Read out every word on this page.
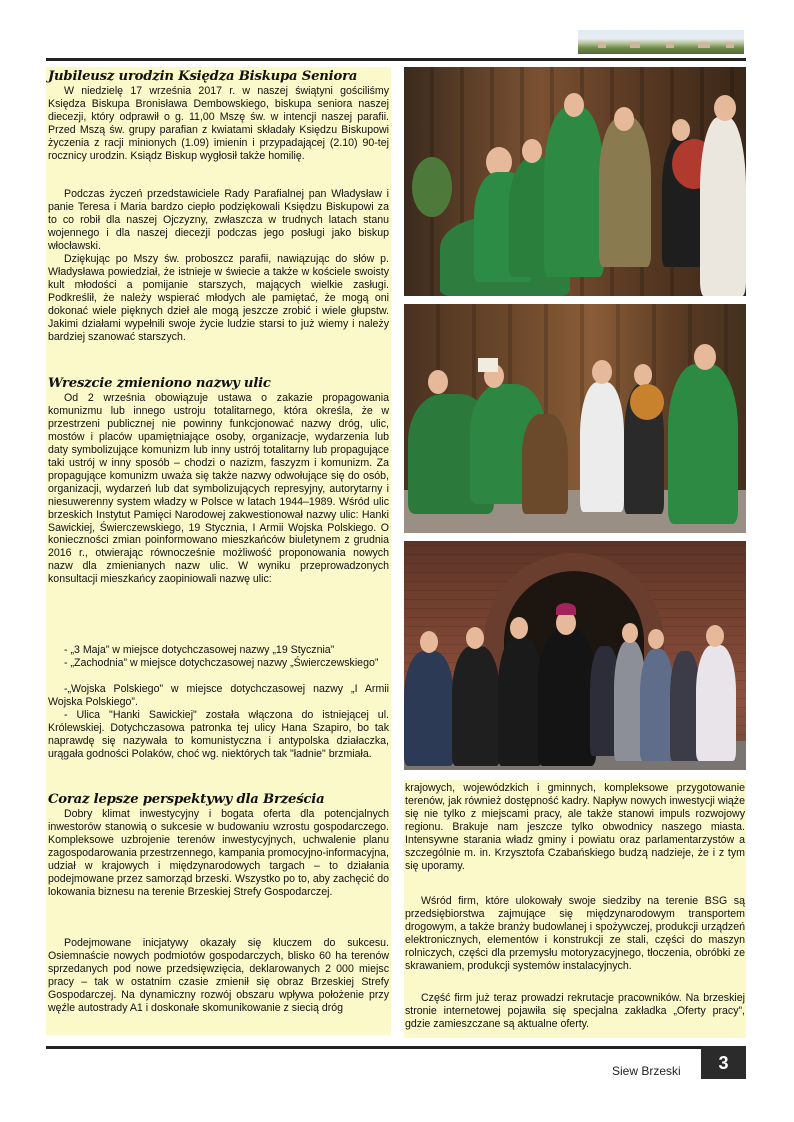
Jubileusz urodzin Księdza Biskupa Seniora
W niedzielę 17 września 2017 r. w naszej świątyni gościliśmy Księdza Biskupa Bronisława Dembowskiego, biskupa seniora naszej diecezji, który odprawił o g. 11,00 Mszę św. w intencji naszej parafii. Przed Mszą św. grupy parafian z kwiatami składały Księdzu Biskupowi życzenia z racji minionych (1.09) imienin i przypadającej (2.10) 90-tej rocznicy urodzin. Ksiądz Biskup wygłosił także homilię.
Podczas życzeń przedstawiciele Rady Parafialnej pan Władysław i panie Teresa i Maria bardzo ciepło podziękowali Księdzu Biskupowi za to co robił dla naszej Ojczyzny, zwłaszcza w trudnych latach stanu wojennego i dla naszej diecezji podczas jego posługi jako biskup włocławski.
Dziękując po Mszy św. proboszcz parafii, nawiązując do słów p. Władysława powiedział, że istnieje w świecie a także w kościele swoisty kult młodości a pomijanie starszych, mających wielkie zasługi. Podkreślił, że należy wspierać młodych ale pamiętać, że mogą oni dokonać wiele pięknych dzieł ale mogą jeszcze zrobić i wiele głupstw. Jakimi działami wypełnili swoje życie ludzie starsi to już wiemy i należy bardziej szanować starszych.
Wreszcie zmieniono nazwy ulic
Od 2 września obowiązuje ustawa o zakazie propagowania komunizmu lub innego ustroju totalitarnego, która określa, że w przestrzeni publicznej nie powinny funkcjonować nazwy dróg, ulic, mostów i placów upamiętniające osoby, organizacje, wydarzenia lub daty symbolizujące komunizm lub inny ustrój totalitarny lub propagujące taki ustrój w inny sposób – chodzi o nazizm, faszyzm i komunizm. Za propagujące komunizm uważa się także nazwy odwołujące się do osób, organizacji, wydarzeń lub dat symbolizujących represyjny, autorytarny i niesuwerenny system władzy w Polsce w latach 1944–1989. Wśród ulic brzeskich Instytut Pamięci Narodowej zakwestionował nazwy ulic: Hanki Sawickiej, Świerczewskiego, 19 Stycznia, I Armii Wojska Polskiego. O konieczności zmian poinformowano mieszkańców biuletynem z grudnia 2016 r., otwierając równocześnie możliwość proponowania nowych nazw dla zmienianych nazw ulic. W wyniku przeprowadzonych konsultacji mieszkańcy zaopiniowali nazwę ulic:
- „3 Maja” w miejsce dotychczasowej nazwy „19 Stycznia”
- „Zachodnia” w miejsce dotychczasowej nazwy „Świerczewskiego”
-„Wojska Polskiego” w miejsce dotychczasowej nazwy „I Armii Wojska Polskiego”.
- Ulica "Hanki Sawickiej" została włączona do istniejącej ul. Królewskiej. Dotychczasowa patronka tej ulicy Hana Szapiro, bo tak naprawdę się nazywała to komunistyczna i antypolska działaczka, urągała godności Polaków, choć wg. niektórych tak "ładnie" brzmiała.
Coraz lepsze perspektywy dla Brześcia
Dobry klimat inwestycyjny i bogata oferta dla potencjalnych inwestorów stanowią o sukcesie w budowaniu wzrostu gospodarczego. Kompleksowe uzbrojenie terenów inwestycyjnych, uchwalenie planu zagospodarowania przestrzennego, kampania promocyjno-informacyjna, udział w krajowych i międzynarodowych targach – to działania podejmowane przez samorząd brzeski. Wszystko po to, aby zachęcić do lokowania biznesu na terenie Brzeskiej Strefy Gospodarczej.
Podejmowane inicjatywy okazały się kluczem do sukcesu. Osiemnaście nowych podmiotów gospodarczych, blisko 60 ha terenów sprzedanych pod nowe przedsięwzięcia, deklarowanych 2 000 miejsc pracy – tak w ostatnim czasie zmienił się obraz Brzeskiej Strefy Gospodarczej. Na dynamiczny rozwój obszaru wpływa położenie przy węźle autostrady A1 i doskonałe skomunikowanie z siecią dróg
krajowych, wojewódzkich i gminnych, kompleksowe przygotowanie terenów, jak również dostępność kadry. Napływ nowych inwestycji wiąże się nie tylko z miejscami pracy, ale także stanowi impuls rozwojowy regionu. Brakuje nam jeszcze tylko obwodnicy naszego miasta. Intensywne starania władz gminy i powiatu oraz parlamentarzystów a szczególnie m. in. Krzysztofa Czabańskiego budzą nadzieje, że i z tym się uporamy.
Wśród firm, które ulokowały swoje siedziby na terenie BSG są przedsiębiorstwa zajmujące się międzynarodowym transportem drogowym, a także branży budowlanej i spożywczej, produkcji urządzeń elektronicznych, elementów i konstrukcji ze stali, części do maszyn rolniczych, części dla przemysłu motoryzacyjnego, tłoczenia, obróbki ze skrawaniem, produkcji systemów instalacyjnych.
Część firm już teraz prowadzi rekrutacje pracowników. Na brzeskiej stronie internetowej pojawiła się specjalna zakładka „Oferty pracy”, gdzie zamieszczane są aktualne oferty.
Siew Brzeski	3
